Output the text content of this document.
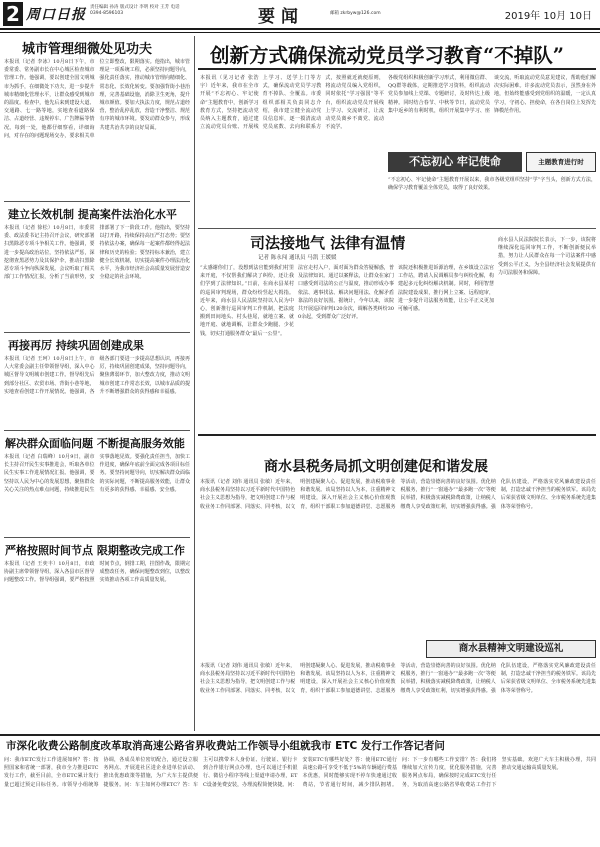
2 周口日报 责任编辑 孙涛 版式设计 李明 校对 王芳 电话 0394-8596103	要闻	邮箱 zkrbyw@126.com	2019年 10月 10日
城市管理细微处见功夫
本报讯（记者 李冰）10月8日下午，市委常委、常务副市长在中心城区检查城市管理工作。他强调，要以创建全国文明城市为抓手，在细微处下功夫，进一步提升城市精细化管理水平，让群众感受到城市的温度。检查中，他先后来到建设大道、交通路、七一路等地，实地查看道路保洁、占道经营、违规停车、广告牌匾等情况。每到一处，他都仔细察看，详细询问，对存在的问题现场交办，要求相关单位立即整改，限期落实。他指出，城市管理是一项系统工程，必须坚持问题导向，强化责任落实，推动城市管理向精细化、常态化、长效化转变。要加强背街小巷治理，完善基础设施，消除卫生死角，提升城市颜值。要加大执法力度，规范占道经营，整治乱停乱放，营造干净整洁、规范有序的城市环境。要发动群众参与，形成共建共治共享的良好局面。
建立长效机制 提高案件法治化水平
本报讯（记者 徐松）10月8日，市委常委、政法委书记主持召开会议，研究部署扫黑除恶专项斗争相关工作。他强调，要进一步提高政治站位，坚持依法严惩，深挖彻查黑恶势力及其保护伞，推动扫黑除恶专项斗争向纵深发展。会议听取了相关部门工作情况汇报，分析了当前形势，安排部署了下一阶段工作。他指出，要坚持以打开路，持续保持高压严打态势；要坚持依法办案，确保每一起案件都经得起法律和历史的检验；要坚持标本兼治，建立健全长效机制，切实提高案件办理法治化水平，为我市经济社会高质量发展营造安全稳定的社会环境。
再接再厉 持续巩固创建成果
本报讯（记者 王珂）10月8日上午，市人大常委会副主任带领督导组，深入中心城区督导文明城市创建工作。督导组先后到部分社区、农贸市场、背街小巷等地，实地查看创建工作开展情况。他强调，各级各部门要进一步提高思想认识，再接再厉，持续巩固创建成果，坚持问题导向，聚焦薄弱环节，加大整改力度，推动文明城市创建工作常态长效，以城市品质的提升不断增强群众的获得感和幸福感。
解决群众面临问题 不断提高服务效能
本报讯（记者 白瑞峰）10月9日，副市长主持召开民生实事推进会，听取各单位民生实事工作进展情况汇报。他强调，要坚持以人民为中心的发展思想，聚焦群众关心关注的热点难点问题，持续推进民生实事落地见效。要强化责任担当，加快工作进度，确保年底前全面完成各项目标任务。要坚持问题导向，切实解决群众面临的实际问题，不断提高服务效能，让群众有更多的获得感、幸福感、安全感。
严格按照时间节点 限期整改完成工作
本报讯（记者 王奕丰）10月8日，市政协副主席带领督导组，深入各县市区督导问题整改工作。督导组强调，要严格按照时间节点，倒排工期，挂图作战，限期完成整改任务，确保问题整改到位，以整改实效推动各项工作高质量发展。
创新方式确保流动党员学习教育“不掉队”
本报讯（见习记者 张浩宇）近年来，我市在全市开展“不忘初心、牢记使命”主题教育中，创新学习教育方式，坚持把流动党员纳入主题教育，通过建立流动党员台账、开展线上学习、送学上门等方式，确保流动党员学习教育不掉队、全覆盖。市委组织部相关负责同志介绍，我市建立健全流动党员信息库，逐一摸清流动党员底数、去向和联系方式，按照就近就便原则，将流动党员编入党组织，同时依托“学习强国”等平台，组织流动党员开展线上学习、交流研讨，让流动党员离乡不离党、流动不流学。
各级党组织积极创新学习形式，利用微信群、QQ群等载体，定期推送学习资料，组织流动党员参加线上党课、专题研讨，及时传达上级精神。同时结合春节、中秋等节日，流动党员集中返乡的有利时机，组织开展集中学习、座谈交流，听取流动党员意见建议，帮助他们解决实际困难。许多流动党员表示，虽然身在外地，但始终能感受到党组织的温暖，一定认真学习，守初心、担使命，在各自岗位上发挥先锋模范作用。
不忘初心 牢记使命	主题教育进行时
“不忘初心、牢记使命”主题教育开展以来，我市各级党组织坚持“学”字当头，创新方式方法，确保学习教育覆盖全体党员，取得了良好效果。
司法接地气 法律有温情
记者 陈永闯 通讯员 马凯 王媛媛
“太感谢你们了，没想到法官能到我们村里来开庭，不仅帮我们解决了纠纷，还让我们学到了法律知识。”日前，在商水县某村的巡回审判现场，群众纷纷竖起大拇指。近年来，商水县人民法院坚持以人民为中心，创新推行巡回审判工作机制，把法庭搬到田间地头、村头巷尾，就地立案、就地开庭、就地调解，让群众少跑腿、少花钱，切实打通服务群众“最后一公里”。
法官走村入户，面对面为群众答疑解惑，普及法律知识。通过以案释法，让群众在家门口感受到司法的公正与温度，推动形成办事依法、遇事找法、解决问题用法、化解矛盾靠法的良好氛围。据统计，今年以来，该院共开展巡回审判120余次，调解各类纠纷300余起，受到群众广泛好评。
该院还积极推进诉源治理，在乡镇设立法官工作站，聘请人民调解员参与纠纷化解，构建起多元化纠纷解决机制。同时，利用智慧法院建设成果，推行网上立案、远程庭审，进一步提升司法服务效能，让公平正义更加可触可感。
商水县人民法院院长表示，下一步，该院将继续深化巡回审判工作，不断创新便民举措，努力让人民群众在每一个司法案件中感受到公平正义，为全县经济社会发展提供有力司法服务和保障。
商水县税务局抓文明创建促和谐发展
本报讯（记者 刘伟 通讯员 张敏）近年来，商水县税务局坚持以习近平新时代中国特色社会主义思想为指导，把文明创建工作与税收业务工作同部署、同落实、同考核，以文明创建凝聚人心、促进发展，推动税收事业和谐发展。该局坚持以人为本，注重精神文明建设，深入开展社会主义核心价值观教育，组织干部职工参加道德讲堂、志愿服务等活动，营造崇德向善的良好氛围。优化纳税服务，推行“一窗通办”“最多跑一次”等便民举措，积极落实减税降费政策，让纳税人缴费人享受政策红利，切实增强获得感。强化队伍建设，严格落实党风廉政建设责任制，打造忠诚干净担当的税务铁军。该局先后荣获省级文明单位、全市税务系统先进集体等荣誉称号。
商水县精神文明建设巡礼
本报讯（记者 刘伟 通讯员 张敏）近年来，商水县税务局坚持以习近平新时代中国特色社会主义思想为指导，把文明创建工作与税收业务工作同部署、同落实、同考核，以文明创建凝聚人心、促进发展，推动税收事业和谐发展。该局坚持以人为本，注重精神文明建设，深入开展社会主义核心价值观教育，组织干部职工参加道德讲堂、志愿服务等活动，营造崇德向善的良好氛围。优化纳税服务，推行“一窗通办”“最多跑一次”等便民举措，积极落实减税降费政策，让纳税人缴费人享受政策红利，切实增强获得感。强化队伍建设，严格落实党风廉政建设责任制，打造忠诚干净担当的税务铁军。该局先后荣获省级文明单位、全市税务系统先进集体等荣誉称号。
市深化收费公路制度改革取消高速公路省界收费站工作领导小组就我市 ETC 发行工作答记者问
问：我市ETC发行工作进展如何？答：按照国家和省统一部署，我市全力推进ETC发行工作，截至目前，全市ETC累计发行量已超过预定目标任务。市领导小组统筹协调，各成员单位密切配合，通过设立服务网点、开展进社区进企业进单位活动、推出优惠政策等措施，为广大车主提供便捷服务。问：车主如何办理ETC？答：车主可以携带本人身份证、行驶证、银行卡到合作银行网点办理，也可以通过手机银行、微信小程序等线上渠道申请办理，ETC设备免费安装，办理流程简便快捷。问：安装ETC有哪些好处？答：使用ETC通行高速公路可享受不低于5%的车辆通行费基本优惠，同时能够实现不停车快速通过收费站，节省通行时间，减少排队拥堵。问：下一步有哪些工作安排？答：我们将继续加大宣传力度，优化服务措施，完善服务网点布局，确保按时完成ETC发行任务，为取消高速公路省界收费站工作打下坚实基础。欢迎广大车主积极办理，共同推动交通运输高质量发展。
